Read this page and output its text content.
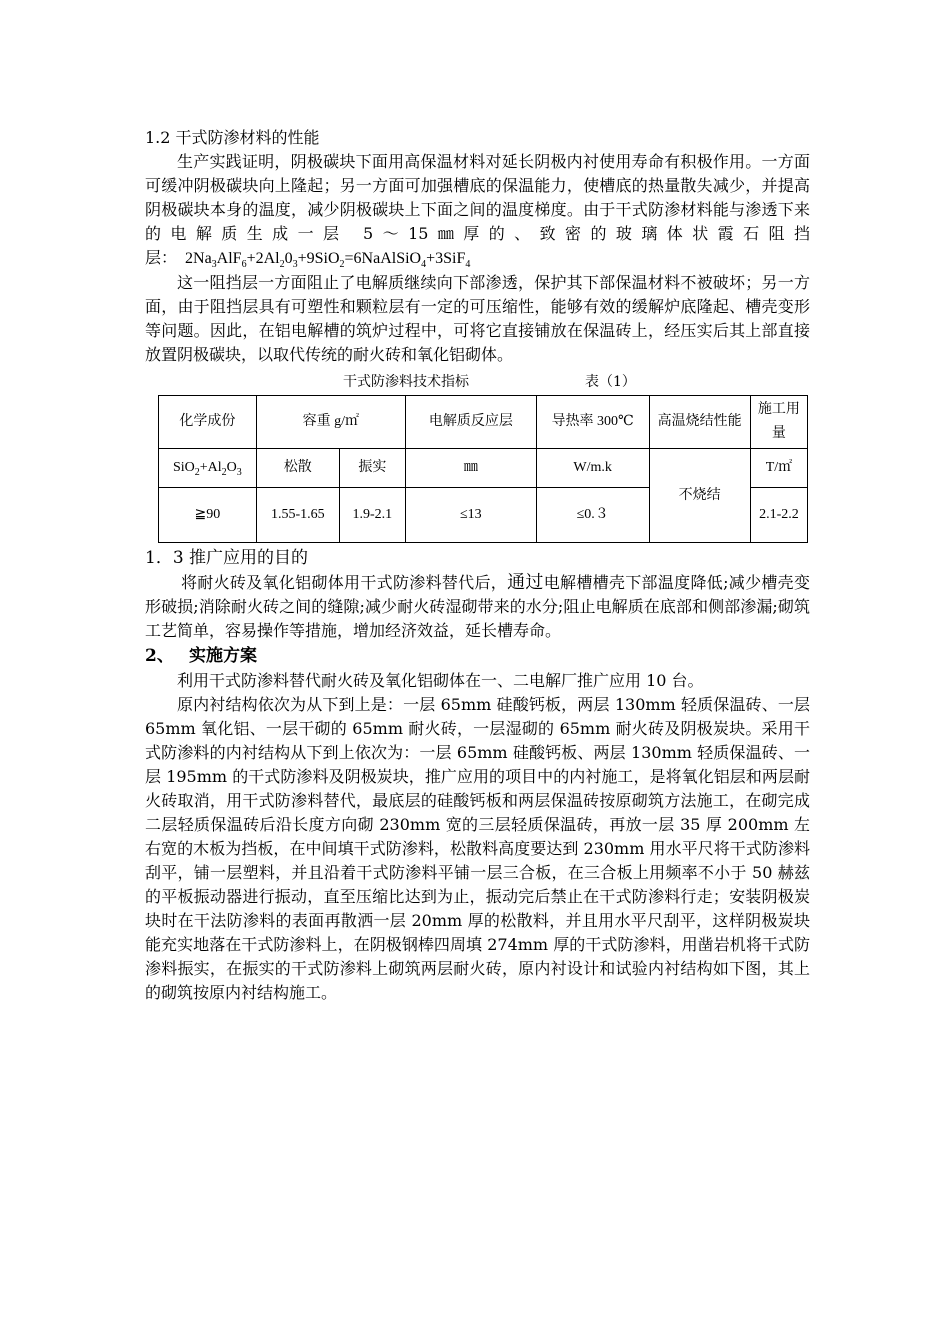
1.2 干式防渗材料的性能

生产实践证明，阴极碳块下面用高保温材料对延长阴极内衬使用寿命有积极作用。一方面可缓冲阴极碳块向上隆起；另一方面可加强槽底的保温能力，使槽底的热量散失减少，并提高阴极碳块本身的温度，减少阴极碳块上下面之间的温度梯度。由于干式防渗材料能与渗透下来的电解质生成一层 5～15㎜厚的、致密的玻璃体状霞石阻挡层： $2Na_3AlF_6+2Al_20_3+9SiO_2=6NaAlSiO_4+3SiF_4$

这一阻挡层一方面阻止了电解质继续向下部渗透，保护其下部保温材料不被破坏；另一方面，由于阻挡层具有可塑性和颗粒层有一定的可压缩性，能够有效的缓解炉底隆起、槽壳变形等问题。因此，在铝电解槽的筑炉过程中，可将它直接铺放在保温砖上，经压实后其上部直接放置阴极碳块，以取代传统的耐火砖和氧化铝砌体。

干式防渗料技术指标	表（1）
化学成份	容重 g/㎡		电解质反应层	导热率 300℃	高温烧结性能	施工用量
$SiO_2+Al_2O_3$	松散	振实	㎜	W/m.k	不烧结	T/㎡
≧90	1.55-1.65	1.9-2.1	≤13	≤0.３		2.1-2.2

1．3 推广应用的目的

将耐火砖及氧化铝砌体用干式防渗料替代后，通过电解槽槽壳下部温度降低;减少槽壳变形破损;消除耐火砖之间的缝隙;减少耐火砖湿砌带来的水分;阻止电解质在底部和侧部渗漏;砌筑工艺简单，容易操作等措施，增加经济效益，延长槽寿命。

2、 实施方案

利用干式防渗料替代耐火砖及氧化铝砌体在一、二电解厂推广应用 10 台。

原内衬结构依次为从下到上是：一层 65mm 硅酸钙板，两层 130mm 轻质保温砖、一层 65mm 氧化铝、一层干砌的 65mm 耐火砖，一层湿砌的 65mm 耐火砖及阴极炭块。采用干式防渗料的内衬结构从下到上依次为：一层 65mm 硅酸钙板、两层 130mm 轻质保温砖、一层 195mm 的干式防渗料及阴极炭块，推广应用的项目中的内衬施工，是将氧化铝层和两层耐火砖取消，用干式防渗料替代，最底层的硅酸钙板和两层保温砖按原砌筑方法施工，在砌完成二层轻质保温砖后沿长度方向砌 230mm 宽的三层轻质保温砖，再放一层 35 厚 200mm 左右宽的木板为挡板，在中间填干式防渗料，松散料高度要达到 230mm 用水平尺将干式防渗料刮平，铺一层塑料，并且沿着干式防渗料平铺一层三合板，在三合板上用频率不小于 50 赫兹的平板振动器进行振动，直至压缩比达到为止，振动完后禁止在干式防渗料行走；安装阴极炭块时在干法防渗料的表面再散洒一层 20mm 厚的松散料，并且用水平尺刮平，这样阴极炭块能充实地落在干式防渗料上，在阴极钢棒四周填 274mm 厚的干式防渗料，用凿岩机将干式防渗料振实，在振实的干式防渗料上砌筑两层耐火砖，原内衬设计和试验内衬结构如下图，其上的砌筑按原内衬结构施工。
